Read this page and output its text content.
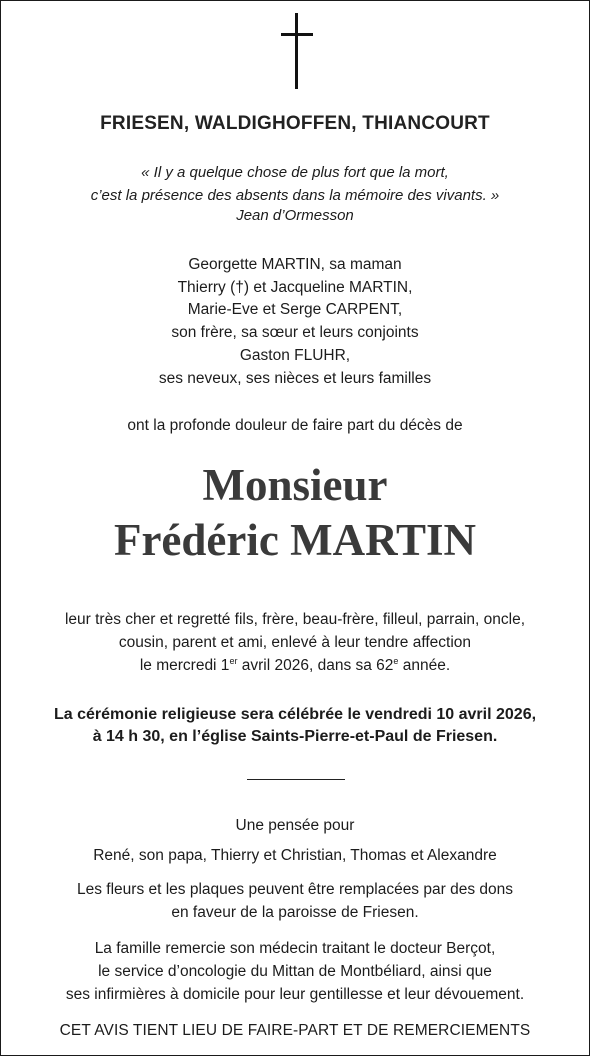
FRIESEN, WALDIGHOFFEN, THIANCOURT
« Il y a quelque chose de plus fort que la mort,
c’est la présence des absents dans la mémoire des vivants. »
Jean d’Ormesson
Georgette MARTIN, sa maman
Thierry (†) et Jacqueline MARTIN,
Marie-Eve et Serge CARPENT,
son frère, sa sœur et leurs conjoints
Gaston FLUHR,
ses neveux, ses nièces et leurs familles
ont la profonde douleur de faire part du décès de
Monsieur
Frédéric MARTIN
leur très cher et regretté fils, frère, beau-frère, filleul, parrain, oncle,
cousin, parent et ami, enlevé à leur tendre affection
le mercredi 1er avril 2026, dans sa 62e année.
La cérémonie religieuse sera célébrée le vendredi 10 avril 2026,
à 14 h 30, en l’église Saints-Pierre-et-Paul de Friesen.
Une pensée pour
René, son papa, Thierry et Christian, Thomas et Alexandre
Les fleurs et les plaques peuvent être remplacées par des dons
en faveur de la paroisse de Friesen.
La famille remercie son médecin traitant le docteur Berçot,
le service d’oncologie du Mittan de Montbéliard, ainsi que
ses infirmières à domicile pour leur gentillesse et leur dévouement.
CET AVIS TIENT LIEU DE FAIRE-PART ET DE REMERCIEMENTS
